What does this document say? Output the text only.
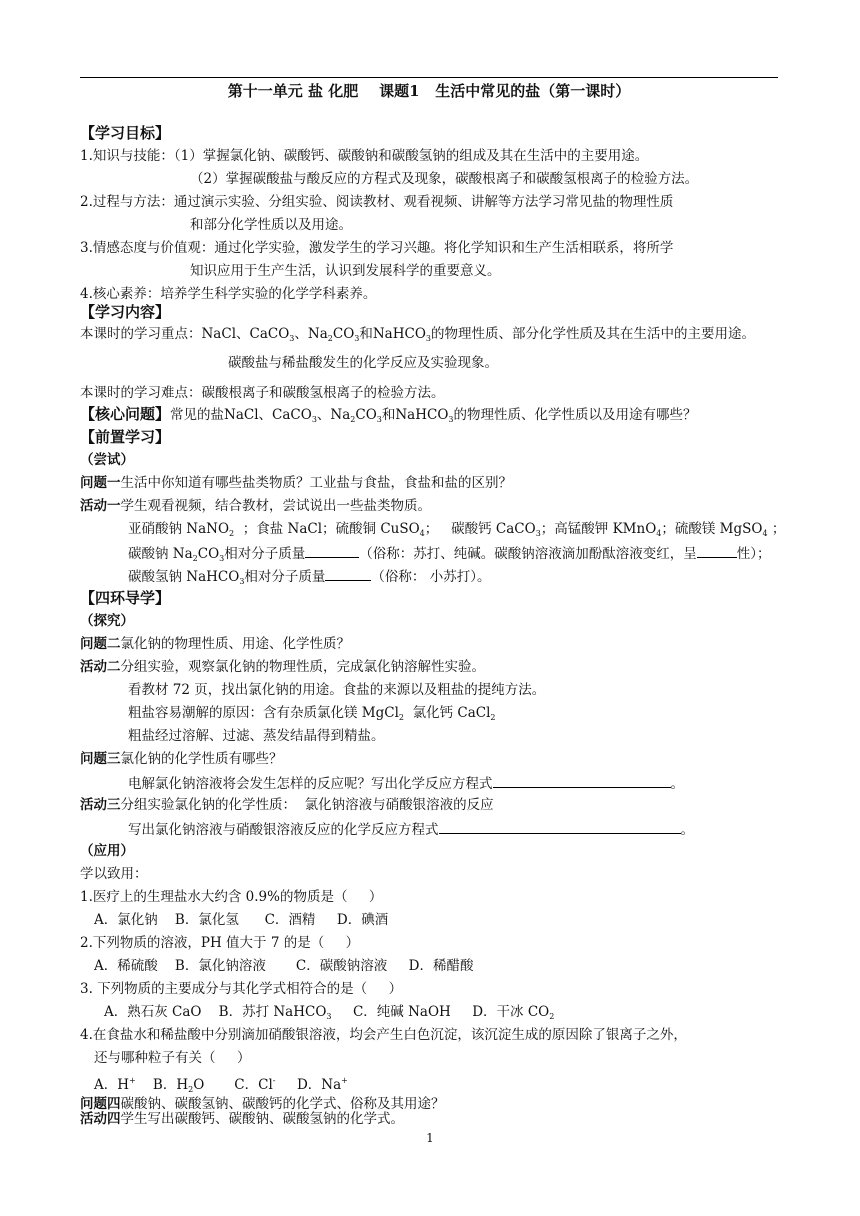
第十一单元 盐 化肥    课题1   生活中常见的盐（第一课时）
【学习目标】
1.知识与技能：（1）掌握氯化钠、碳酸钙、碳酸钠和碳酸氢钠的组成及其在生活中的主要用途。
（2）掌握碳酸盐与酸反应的方程式及现象，碳酸根离子和碳酸氢根离子的检验方法。
2.过程与方法：通过演示实验、分组实验、阅读教材、观看视频、讲解等方法学习常见盐的物理性质
和部分化学性质以及用途。
3.情感态度与价值观：通过化学实验，激发学生的学习兴趣。将化学知识和生产生活相联系，将所学
知识应用于生产生活，认识到发展科学的重要意义。
4.核心素养：培养学生科学实验的化学学科素养。
【学习内容】
本课时的学习重点：NaCl、CaCO$_3$、$Na_2CO_3$和NaHCO$_3$的物理性质、部分化学性质及其在生活中的主要用途。
碳酸盐与稀盐酸发生的化学反应及实验现象。
本课时的学习难点：碳酸根离子和碳酸氢根离子的检验方法。
【核心问题】常见的盐NaCl、CaCO$_3$、$Na_2CO_3$和NaHCO$_3$的物理性质、化学性质以及用途有哪些？
【前置学习】
（尝试）
问题一生活中你知道有哪些盐类物质？工业盐与食盐，食盐和盐的区别？
活动一学生观看视频，结合教材，尝试说出一些盐类物质。
亚硝酸钠 NaNO$_2$  ；食盐 NaCl；硫酸铜 CuSO$_4$；   碳酸钙 CaCO$_3$；高锰酸钾 KMnO$_4$；硫酸镁 MgSO$_4$ ；
碳酸钠 $Na_2CO_3$相对分子质量	（俗称：苏打、纯碱。碳酸钠溶液滴加酚酞溶液变红，呈	性）；
碳酸氢钠 NaHCO$_3$相对分子质量	（俗称： 小苏打）。
【四环导学】
（探究）
问题二氯化钠的物理性质、用途、化学性质？
活动二分组实验，观察氯化钠的物理性质，完成氯化钠溶解性实验。
看教材 72 页，找出氯化钠的用途。食盐的来源以及粗盐的提纯方法。
粗盐容易潮解的原因：含有杂质氯化镁 MgCl$_2$  氯化钙 CaCl$_2$
粗盐经过溶解、过滤、蒸发结晶得到精盐。
问题三氯化钠的化学性质有哪些？
电解氯化钠溶液将会发生怎样的反应呢？写出化学反应方程式	。
活动三分组实验氯化钠的化学性质：  氯化钠溶液与硝酸银溶液的反应
写出氯化钠溶液与硝酸银溶液反应的化学反应方程式	。
（应用）
学以致用：
1.医疗上的生理盐水大约含 0.9%的物质是（     ）
A．氯化钠    B．氯化氢      C．酒精     D．碘酒
2.下列物质的溶液，PH 值大于 7 的是（     ）
A．稀硫酸    B．氯化钠溶液       C．碳酸钠溶液     D．稀醋酸
3. 下列物质的主要成分与其化学式相符合的是（     ）
A．熟石灰 CaO    B．苏打 NaHCO$_3$     C．纯碱 NaOH     D．干冰 $CO_2$
4.在食盐水和稀盐酸中分别滴加硝酸银溶液，均会产生白色沉淀，该沉淀生成的原因除了银离子之外，
还与哪种粒子有关（     ）
A．H+    B．$H_2O$       C．Cl-     D．Na+
问题四碳酸钠、碳酸氢钠、碳酸钙的化学式、俗称及其用途？
活动四学生写出碳酸钙、碳酸钠、碳酸氢钠的化学式。
1
